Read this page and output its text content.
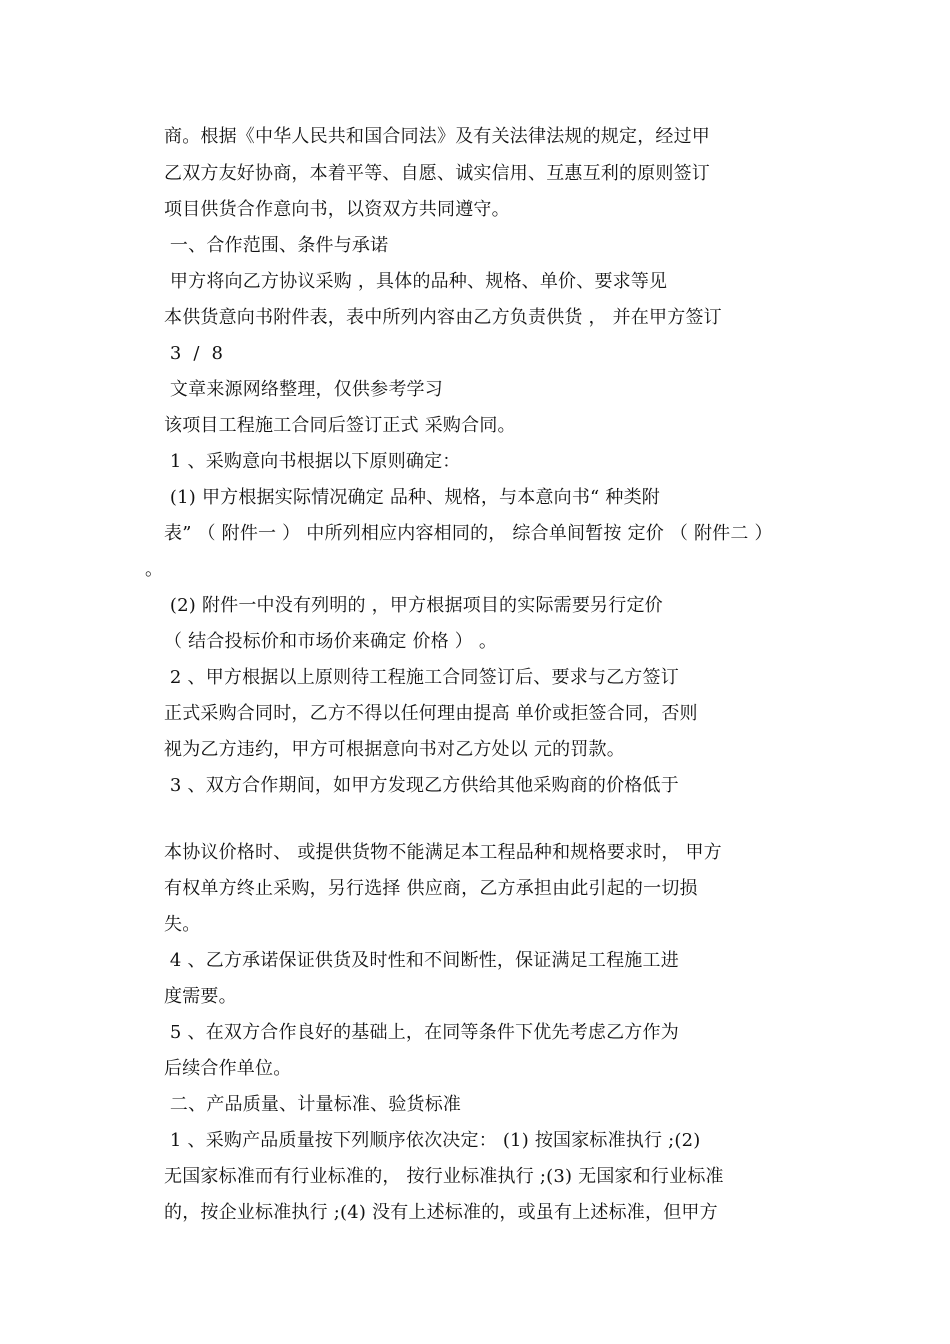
商。根据《中华人民共和国合同法》及有关法律法规的规定，经过甲
乙双方友好协商，本着平等、自愿、诚实信用、互惠互利的原则签订
项目供货合作意向书，以资双方共同遵守。
一、合作范围、条件与承诺
甲方将向乙方协议采购 ，具体的品种、规格、单价、要求等见
本供货意向书附件表，表中所列内容由乙方负责供货 ， 并在甲方签订
3  /  8
文章来源网络整理，仅供参考学习
该项目工程施工合同后签订正式 采购合同。
1 、采购意向书根据以下原则确定：
(1) 甲方根据实际情况确定 品种、规格，与本意向书“ 种类附
表” （ 附件一 ） 中所列相应内容相同的， 综合单间暂按 定价 （ 附件二 ）
。
(2) 附件一中没有列明的 ，甲方根据项目的实际需要另行定价
（ 结合投标价和市场价来确定 价格 ） 。
2 、甲方根据以上原则待工程施工合同签订后、要求与乙方签订
正式采购合同时，乙方不得以任何理由提高 单价或拒签合同，否则
视为乙方违约，甲方可根据意向书对乙方处以 元的罚款。
3 、双方合作期间，如甲方发现乙方供给其他采购商的价格低于
本协议价格时、 或提供货物不能满足本工程品种和规格要求时， 甲方
有权单方终止采购，另行选择 供应商，乙方承担由此引起的一切损
失。
4 、乙方承诺保证供货及时性和不间断性，保证满足工程施工进
度需要。
5 、在双方合作良好的基础上，在同等条件下优先考虑乙方作为
后续合作单位。
二、产品质量、计量标准、验货标准
1 、采购产品质量按下列顺序依次决定： (1) 按国家标准执行 ;(2)
无国家标准而有行业标准的， 按行业标准执行 ;(3) 无国家和行业标准
的，按企业标准执行 ;(4) 没有上述标准的，或虽有上述标准，但甲方
